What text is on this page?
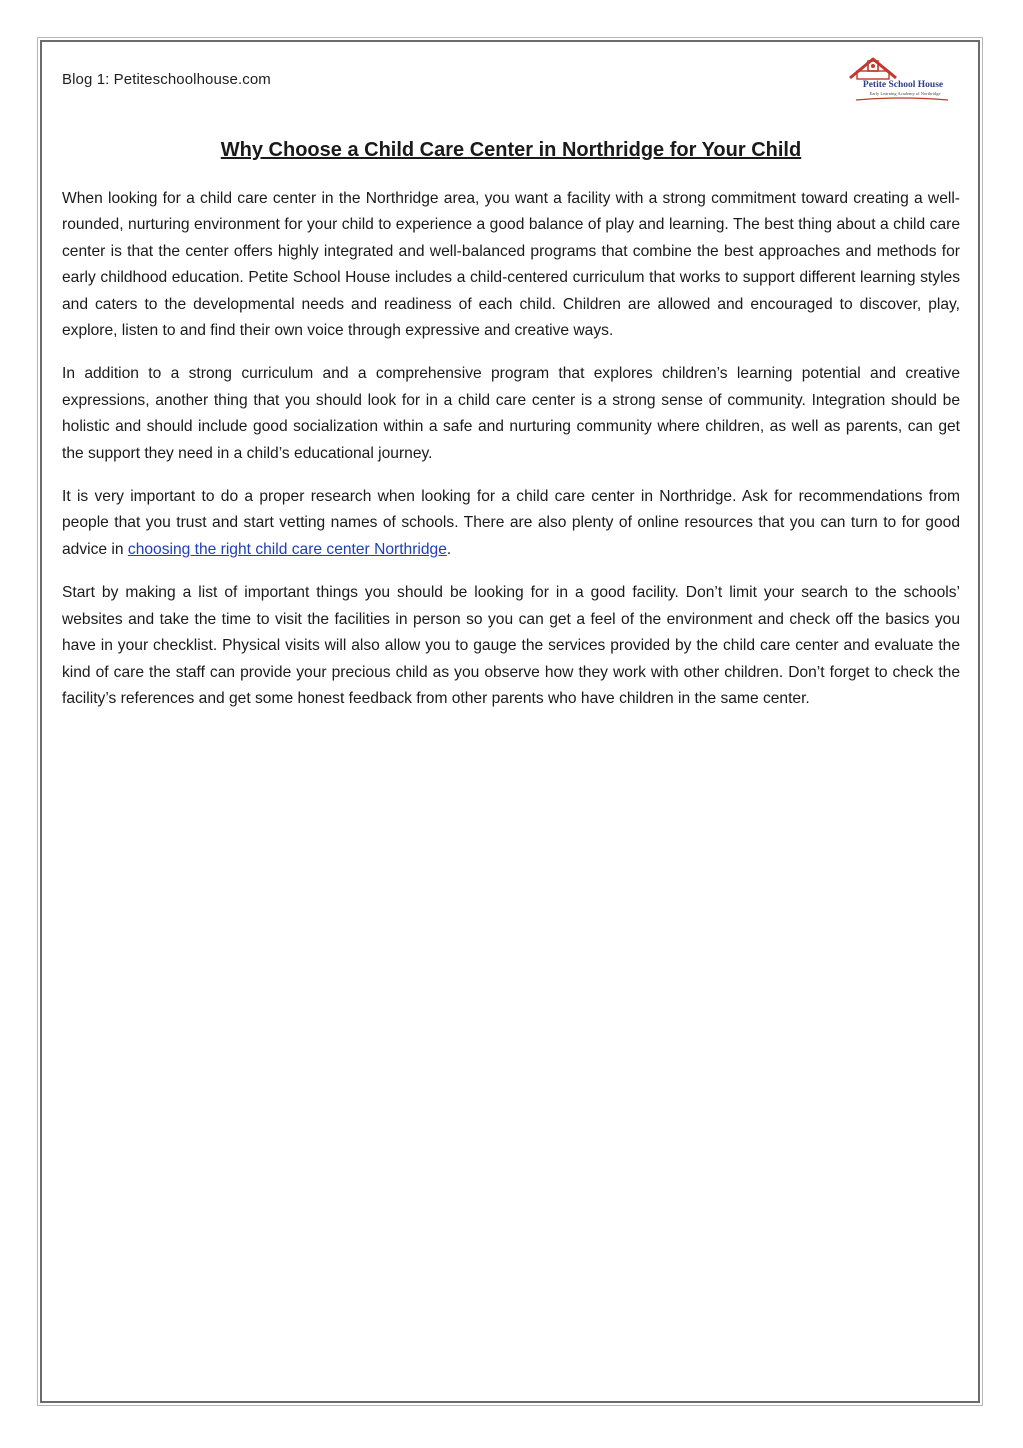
Blog 1: Petiteschoolhouse.com	Petite School House
Early Learning Academy of Northridge
Why Choose a Child Care Center in Northridge for Your Child

When looking for a child care center in the Northridge area, you want a facility with a strong commitment toward creating a well-rounded, nurturing environment for your child to experience a good balance of play and learning. The best thing about a child care center is that the center offers highly integrated and well-balanced programs that combine the best approaches and methods for early childhood education. Petite School House includes a child-centered curriculum that works to support different learning styles and caters to the developmental needs and readiness of each child. Children are allowed and encouraged to discover, play, explore, listen to and find their own voice through expressive and creative ways.

In addition to a strong curriculum and a comprehensive program that explores children’s learning potential and creative expressions, another thing that you should look for in a child care center is a strong sense of community. Integration should be holistic and should include good socialization within a safe and nurturing community where children, as well as parents, can get the support they need in a child’s educational journey.

It is very important to do a proper research when looking for a child care center in Northridge. Ask for recommendations from people that you trust and start vetting names of schools. There are also plenty of online resources that you can turn to for good advice in choosing the right child care center Northridge.

Start by making a list of important things you should be looking for in a good facility. Don’t limit your search to the schools’ websites and take the time to visit the facilities in person so you can get a feel of the environment and check off the basics you have in your checklist. Physical visits will also allow you to gauge the services provided by the child care center and evaluate the kind of care the staff can provide your precious child as you observe how they work with other children. Don’t forget to check the facility’s references and get some honest feedback from other parents who have children in the same center.
